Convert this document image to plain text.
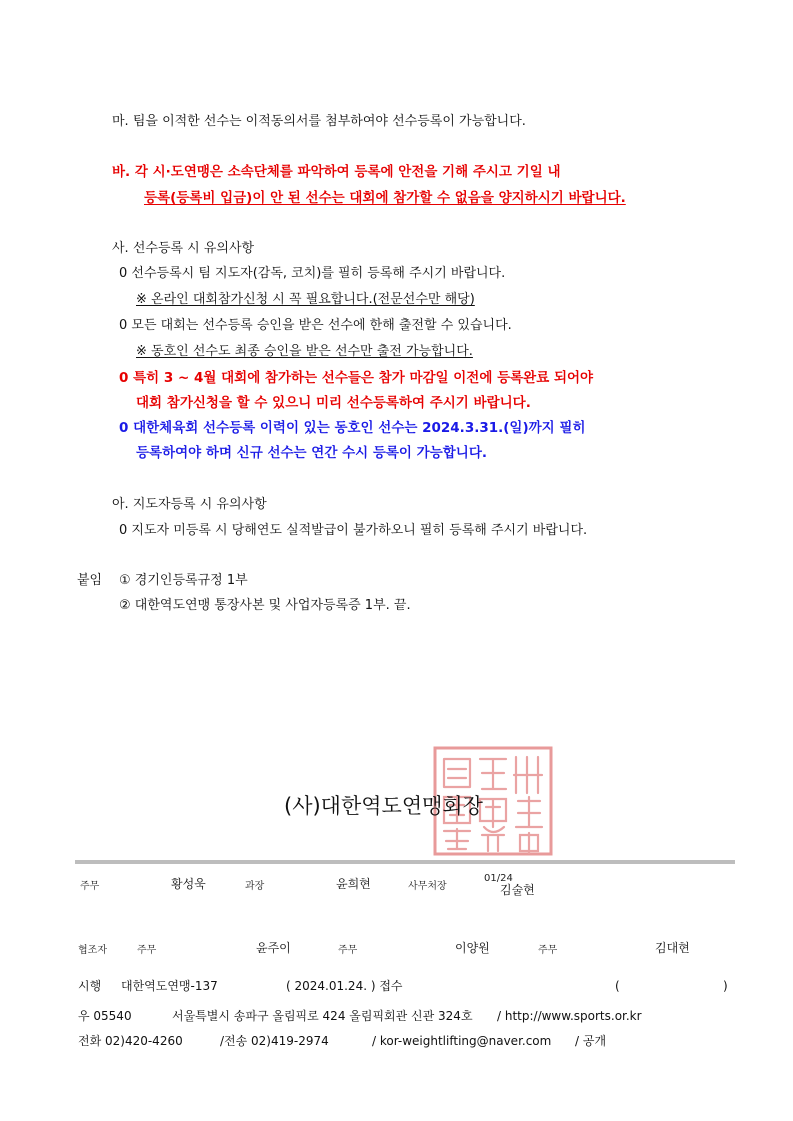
마. 팀을 이적한 선수는 이적동의서를 첨부하여야 선수등록이 가능합니다.
바. 각 시·도연맹은 소속단체를 파악하여 등록에 안전을 기해 주시고 기일 내
등록(등록비 입금)이 안 된 선수는 대회에 참가할 수 없음을 양지하시기 바랍니다.
사. 선수등록 시 유의사항
0 선수등록시 팀 지도자(감독, 코치)를 필히 등록해 주시기 바랍니다.
※ 온라인 대회참가신청 시 꼭 필요합니다.(전문선수만 해당)
0 모든 대회는 선수등록 승인을 받은 선수에 한해 출전할 수 있습니다.
※ 동호인 선수도 최종 승인을 받은 선수만 출전 가능합니다.
0 특히 3 ~ 4월 대회에 참가하는 선수들은 참가 마감일 이전에 등록완료 되어야
대회 참가신청을 할 수 있으니 미리 선수등록하여 주시기 바랍니다.
0 대한체육회 선수등록 이력이 있는 동호인 선수는 2024.3.31.(일)까지 필히
등록하여야 하며 신규 선수는 연간 수시 등록이 가능합니다.
아. 지도자등록 시 유의사항
0 지도자 미등록 시 당해연도 실적발급이 불가하오니 필히 등록해 주시기 바랍니다.
붙임 ① 경기인등록규정 1부
② 대한역도연맹 통장사본 및 사업자등록증 1부. 끝.
(사)대한역도연맹회장
주무	황성욱	과장	윤희현	사무처장
01/24
김술현
협조자	주무	윤주이	주무	이양원	주무	김대현
시행 대한역도연맹-137	( 2024.01.24. ) 접수	(	)
우 05540	서울특별시 송파구 올림픽로 424 올림픽회관 신관 324호 / http://www.sports.or.kr
전화 02)420-4260	/전송 02)419-2974	/ kor-weightlifting@naver.com / 공개
